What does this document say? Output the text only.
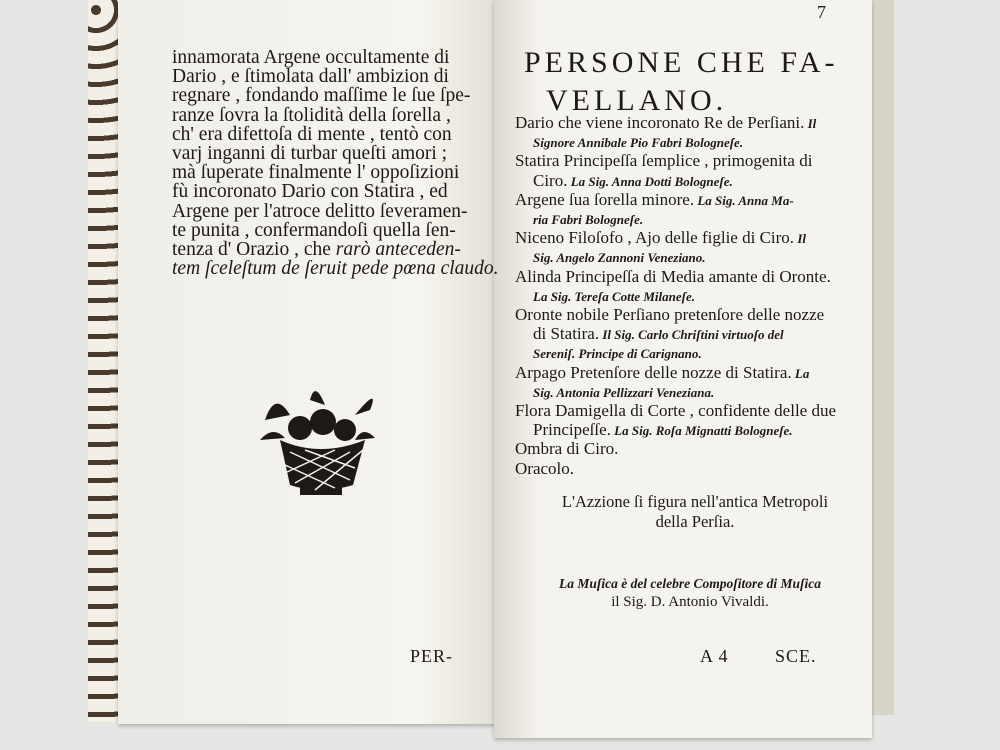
innamorata Argene occultamente di
Dario , e ſtimolata dall' ambizion di
regnare , fondando maſſime le ſue ſpe-
ranze ſovra la ſtolidità della ſorella ,
ch' era difettoſa di mente , tentò con
varj inganni di turbar queſti amori ;
mà ſuperate finalmente l' oppoſizioni
fù incoronato Dario con Statira , ed
Argene per l'atroce delitto ſeveramen-
te punita , confermandoſi quella ſen-
tenza d' Orazio , che rarò anteceden-
tem ſceleſtum de ſeruit pede pœna claudo.
PER-
7
PERSONE CHE FA-
VELLANO.
Dario che viene incoronato Re de Perſiani. Il
Signore Annibale Pio Fabri Bologneſe.
Statira Principeſſa ſemplice , primogenita di
Ciro. La Sig. Anna Dotti Bologneſe.
Argene ſua ſorella minore. La Sig. Anna Ma-
ria Fabri Bologneſe.
Niceno Filoſofo , Ajo delle figlie di Ciro. Il
Sig. Angelo Zannoni Veneziano.
Alinda Principeſſa di Media amante di Oronte.
La Sig. Tereſa Cotte Milaneſe.
Oronte nobile Perſiano pretenſore delle nozze
di Statira. Il Sig. Carlo Chriſtini virtuoſo del
Sereniſ. Principe di Carignano.
Arpago Pretenſore delle nozze di Statira. La
Sig. Antonia Pellizzari Veneziana.
Flora Damigella di Corte , confidente delle due
Principeſſe. La Sig. Roſa Mignatti Bologneſe.
Ombra di Ciro.
Oracolo.
L'Azzione ſi figura nell'antica Metropoli
della Perſia.
La Muſica è del celebre Compoſitore di Muſica
il Sig. D. Antonio Vivaldi.
A 4	SCE.
